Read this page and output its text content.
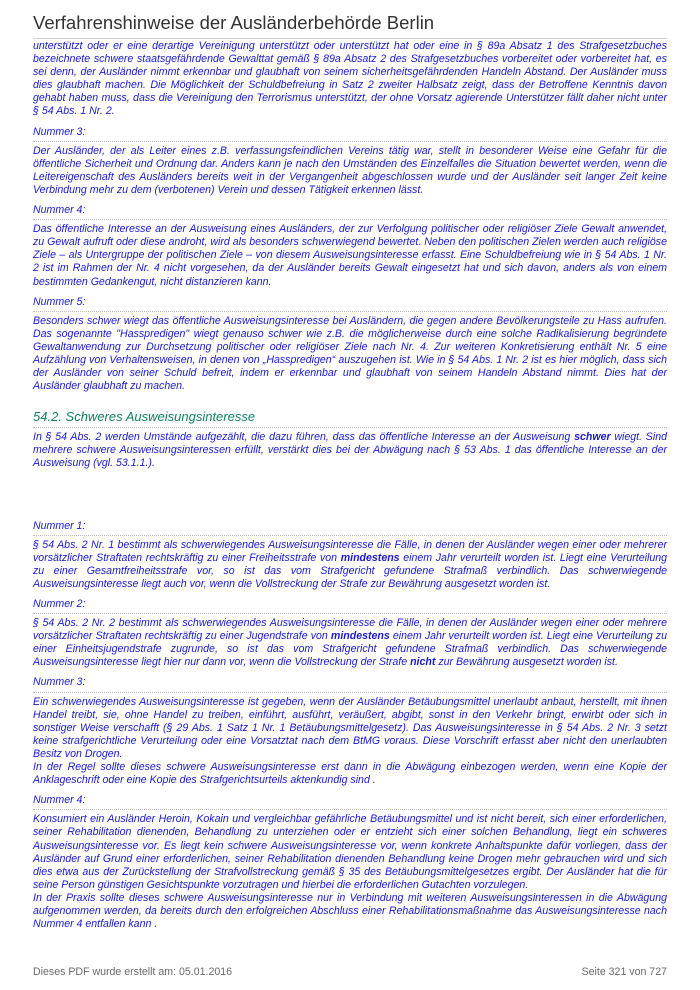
Verfahrenshinweise der Ausländerbehörde Berlin

unterstützt oder er eine derartige Vereinigung unterstützt oder unterstützt hat oder eine in § 89a Absatz 1 des Strafgesetzbuches bezeichnete schwere staatsgefährdende Gewalttat gemäß § 89a Absatz 2 des Strafgesetzbuches vorbereitet oder vorbereitet hat, es sei denn, der Ausländer nimmt erkennbar und glaubhaft von seinem sicherheitsgefährdenden Handeln Abstand. Der Ausländer muss dies glaubhaft machen. Die Möglichkeit der Schuldbefreiung in Satz 2 zweiter Halbsatz zeigt, dass der Betroffene Kenntnis davon gehabt haben muss, dass die Vereinigung den Terrorismus unterstützt, der ohne Vorsatz agierende Unterstützer fällt daher nicht unter § 54 Abs. 1 Nr. 2.

Nummer 3:

Der Ausländer, der als Leiter eines z.B. verfassungsfeindlichen Vereins tätig war, stellt in besonderer Weise eine Gefahr für die öffentliche Sicherheit und Ordnung dar. Anders kann je nach den Umständen des Einzelfalles die Situation bewertet werden, wenn die Leitereigenschaft des Ausländers bereits weit in der Vergangenheit abgeschlossen wurde und der Ausländer seit langer Zeit keine Verbindung mehr zu dem (verbotenen) Verein und dessen Tätigkeit erkennen lässt.

Nummer 4:

Das öffentliche Interesse an der Ausweisung eines Ausländers, der zur Verfolgung politischer oder religiöser Ziele Gewalt anwendet, zu Gewalt aufruft oder diese androht, wird als besonders schwerwiegend bewertet. Neben den politischen Zielen werden auch religiöse Ziele – als Untergruppe der politischen Ziele – von diesem Ausweisungsinteresse erfasst. Eine Schuldbefreiung wie in § 54 Abs. 1 Nr. 2 ist im Rahmen der Nr. 4 nicht vorgesehen, da der Ausländer bereits Gewalt eingesetzt hat und sich davon, anders als von einem bestimmten Gedankengut, nicht distanzieren kann.

Nummer 5:

Besonders schwer wiegt das öffentliche Ausweisungsinteresse bei Ausländern, die gegen andere Bevölkerungsteile zu Hass aufrufen. Das sogenannte "Hasspredigen" wiegt genauso schwer wie z.B. die möglicherweise durch eine solche Radikalisierung begründete Gewaltanwendung zur Durchsetzung politischer oder religiöser Ziele nach Nr. 4. Zur weiteren Konkretisierung enthält Nr. 5 eine Aufzählung von Verhaltensweisen, in denen von „Hasspredigen“ auszugehen ist. Wie in § 54 Abs. 1 Nr. 2 ist es hier möglich, dass sich der Ausländer von seiner Schuld befreit, indem er erkennbar und glaubhaft von seinem Handeln Abstand nimmt. Dies hat der Ausländer glaubhaft zu machen.

54.2. Schweres Ausweisungsinteresse

In § 54 Abs. 2 werden Umstände aufgezählt, die dazu führen, dass das öffentliche Interesse an der Ausweisung schwer wiegt. Sind mehrere schwere Ausweisungsinteressen erfüllt, verstärkt dies bei der Abwägung nach § 53 Abs. 1 das öffentliche Interesse an der Ausweisung (vgl. 53.1.1.).

Nummer 1:

§ 54 Abs. 2 Nr. 1 bestimmt als schwerwiegendes Ausweisungsinteresse die Fälle, in denen der Ausländer wegen einer oder mehrerer vorsätzlicher Straftaten rechtskräftig zu einer Freiheitsstrafe von mindestens einem Jahr verurteilt worden ist. Liegt eine Verurteilung zu einer Gesamtfreiheitsstrafe vor, so ist das vom Strafgericht gefundene Strafmaß verbindlich. Das schwerwiegende Ausweisungsinteresse liegt auch vor, wenn die Vollstreckung der Strafe zur Bewährung ausgesetzt worden ist.

Nummer 2:

§ 54 Abs. 2 Nr. 2 bestimmt als schwerwiegendes Ausweisungsinteresse die Fälle, in denen der Ausländer wegen einer oder mehrere vorsätzlicher Straftaten rechtskräftig zu einer Jugendstrafe von mindestens einem Jahr verurteilt worden ist. Liegt eine Verurteilung zu einer Einheitsjugendstrafe zugrunde, so ist das vom Strafgericht gefundene Strafmaß verbindlich. Das schwerwiegende Ausweisungsinteresse liegt hier nur dann vor, wenn die Vollstreckung der Strafe nicht zur Bewährung ausgesetzt worden ist.

Nummer 3:

Ein schwerwiegendes Ausweisungsinteresse ist gegeben, wenn der Ausländer Betäubungsmittel unerlaubt anbaut, herstellt, mit ihnen Handel treibt, sie, ohne Handel zu treiben, einführt, ausführt, veräußert, abgibt, sonst in den Verkehr bringt, erwirbt oder sich in sonstiger Weise verschafft (§ 29 Abs. 1 Satz 1 Nr. 1 Betäubungsmittelgesetz). Das Ausweisungsinteresse in § 54 Abs. 2 Nr. 3 setzt keine strafgerichtliche Verurteilung oder eine Vorsatztat nach dem BtMG voraus. Diese Vorschrift erfasst aber nicht den unerlaubten Besitz von Drogen.

In der Regel sollte dieses schwere Ausweisungsinteresse erst dann in die Abwägung einbezogen werden, wenn eine Kopie der Anklageschrift oder eine Kopie des Strafgerichtsurteils aktenkundig sind .

Nummer 4:

Konsumiert ein Ausländer Heroin, Kokain und vergleichbar gefährliche Betäubungsmittel und ist nicht bereit, sich einer erforderlichen, seiner Rehabilitation dienenden, Behandlung zu unterziehen oder er entzieht sich einer solchen Behandlung, liegt ein schweres Ausweisungsinteresse vor. Es liegt kein schwere Ausweisungsinteresse vor, wenn konkrete Anhaltspunkte dafür vorliegen, dass der Ausländer auf Grund einer erforderlichen, seiner Rehabilitation dienenden Behandlung keine Drogen mehr gebrauchen wird und sich dies etwa aus der Zurückstellung der Strafvollstreckung gemäß § 35 des Betäubungsmittelgesetzes ergibt. Der Ausländer hat die für seine Person günstigen Gesichtspunkte vorzutragen und hierbei die erforderlichen Gutachten vorzulegen.

In der Praxis sollte dieses schwere Ausweisungsinteresse nur in Verbindung mit weiteren Ausweisungsinteressen in die Abwägung aufgenommen werden, da bereits durch den erfolgreichen Abschluss einer Rehabilitationsmaßnahme das Ausweisungsinteresse nach Nummer 4 entfallen kann .

Dieses PDF wurde erstellt am: 05.01.2016	Seite 321 von 727
